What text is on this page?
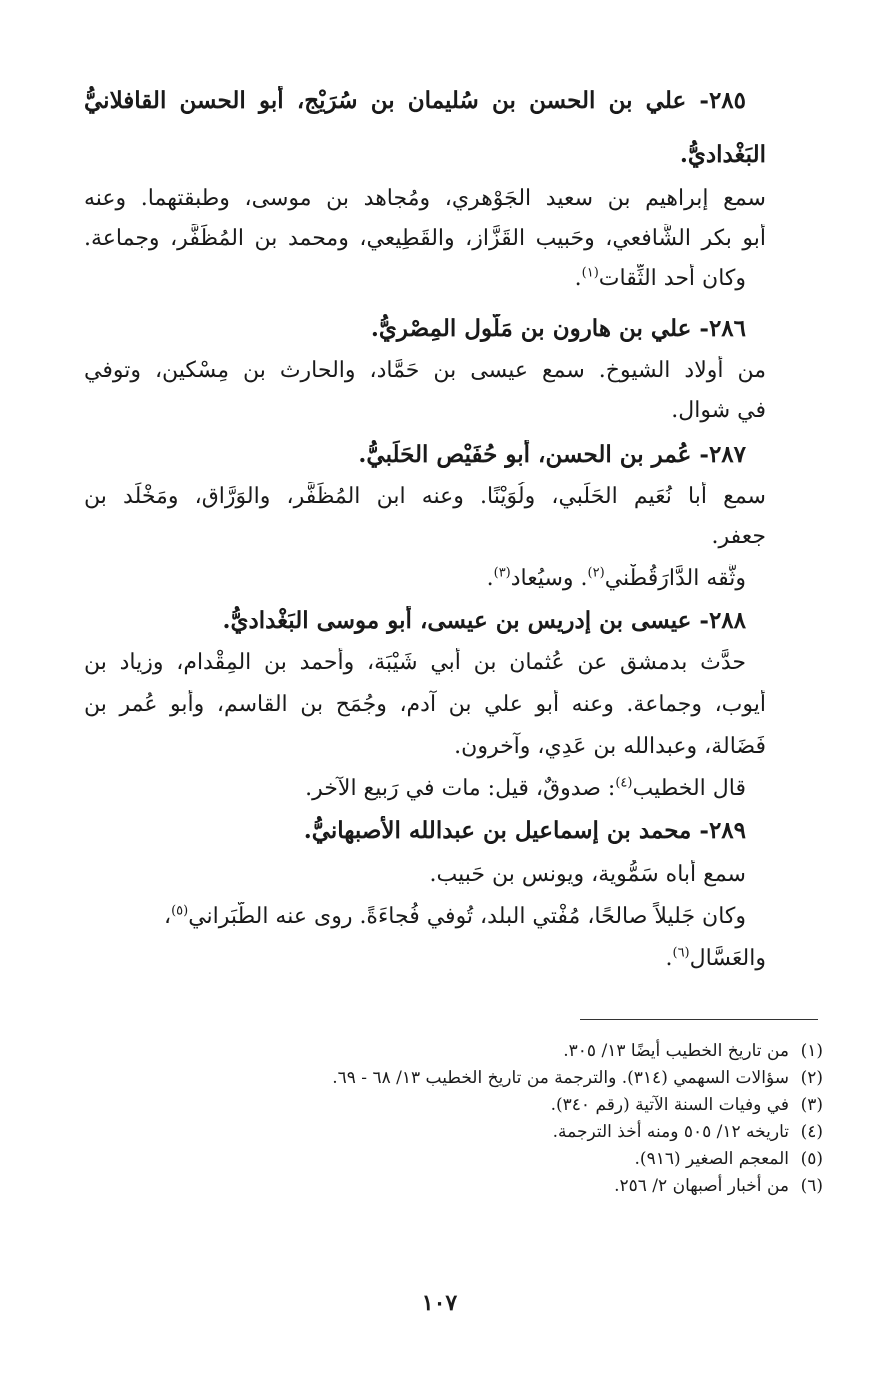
٢٨٥- علي بن الحسن بن سُليمان بن سُرَيْج، أبو الحسن القافلانيُّ
البَغْداديُّ.
سمع إبراهيم بن سعيد الجَوْهري، ومُجاهد بن موسى، وطبقتهما. وعنه
أبو بكر الشَّافعي، وحَبيب القَزَّاز، والقَطِيعي، ومحمد بن المُظَفَّر، وجماعة.
وكان أحد الثِّقات$^{(١)}$.
٢٨٦- علي بن هارون بن مَلُّول المِصْريُّ.
من أولاد الشيوخ. سمع عيسى بن حَمَّاد، والحارث بن مِسْكين، وتوفي
في شوال.
٢٨٧- عُمر بن الحسن، أبو حُفَيْص الحَلَبيُّ.
سمع أبا نُعَيم الحَلَبي، ولُوَيْنًا. وعنه ابن المُظَفَّر، والوَرَّاق، ومَخْلَد بن
جعفر.
وثَّقه الدَّارَقُطْني$^{(٢)}$. وسيُعاد$^{(٣)}$.
٢٨٨- عيسى بن إدريس بن عيسى، أبو موسى البَغْداديُّ.
حدَّث بدمشق عن عُثمان بن أبي شَيْبَة، وأحمد بن المِقْدام، وزياد بن
أيوب، وجماعة. وعنه أبو علي بن آدم، وجُمَح بن القاسم، وأبو عُمر بن
فَضَالة، وعبدالله بن عَدِي، وآخرون.
قال الخطيب$^{(٤)}$: صدوقٌ، قيل: مات في رَبيع الآخر.
٢٨٩- محمد بن إسماعيل بن عبدالله الأصبهانيُّ.
سمع أباه سَمُّوية، ويونس بن حَبيب.
وكان جَليلاً صالحًا، مُفْتي البلد، تُوفي فُجاءَةً. روى عنه الطَّبَراني$^{(٥)}$،
والعَسَّال$^{(٦)}$.
(١)من تاريخ الخطيب أيضًا ١٣/ ٣٠٥.
(٢)سؤالات السهمي (٣١٤). والترجمة من تاريخ الخطيب ١٣/ ٦٨ - ٦٩.
(٣)في وفيات السنة الآتية (رقم ٣٤٠).
(٤)تاريخه ١٢/ ٥٠٥ ومنه أخذ الترجمة.
(٥)المعجم الصغير (٩١٦).
(٦)من أخبار أصبهان ٢/ ٢٥٦.
١٠٧
